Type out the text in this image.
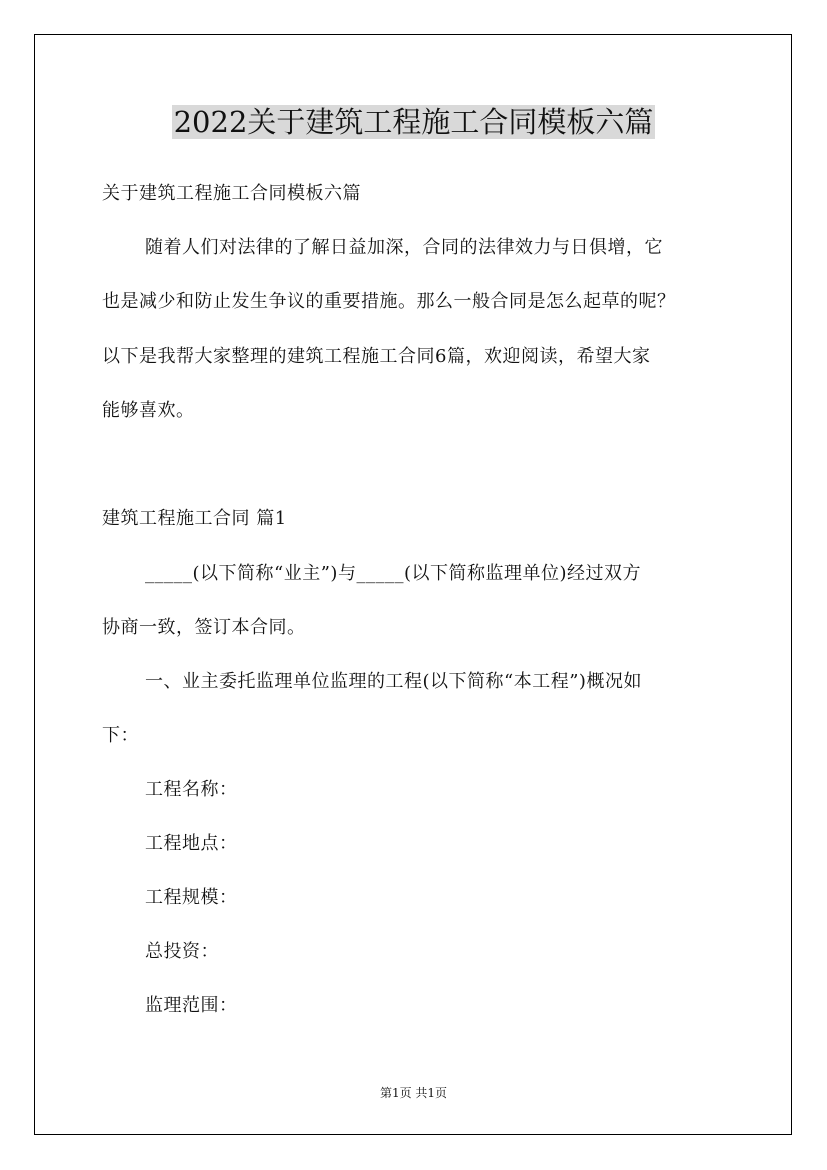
2022关于建筑工程施工合同模板六篇

关于建筑工程施工合同模板六篇

随着人们对法律的了解日益加深，合同的法律效力与日俱增，它

也是减少和防止发生争议的重要措施。那么一般合同是怎么起草的呢？

以下是我帮大家整理的建筑工程施工合同6篇，欢迎阅读，希望大家

能够喜欢。

建筑工程施工合同 篇1

_____(以下简称“业主”)与_____(以下简称监理单位)经过双方

协商一致，签订本合同。

一、业主委托监理单位监理的工程(以下简称“本工程”)概况如

下：

工程名称：

工程地点：

工程规模：

总投资：

监理范围：

第1页 共1页
